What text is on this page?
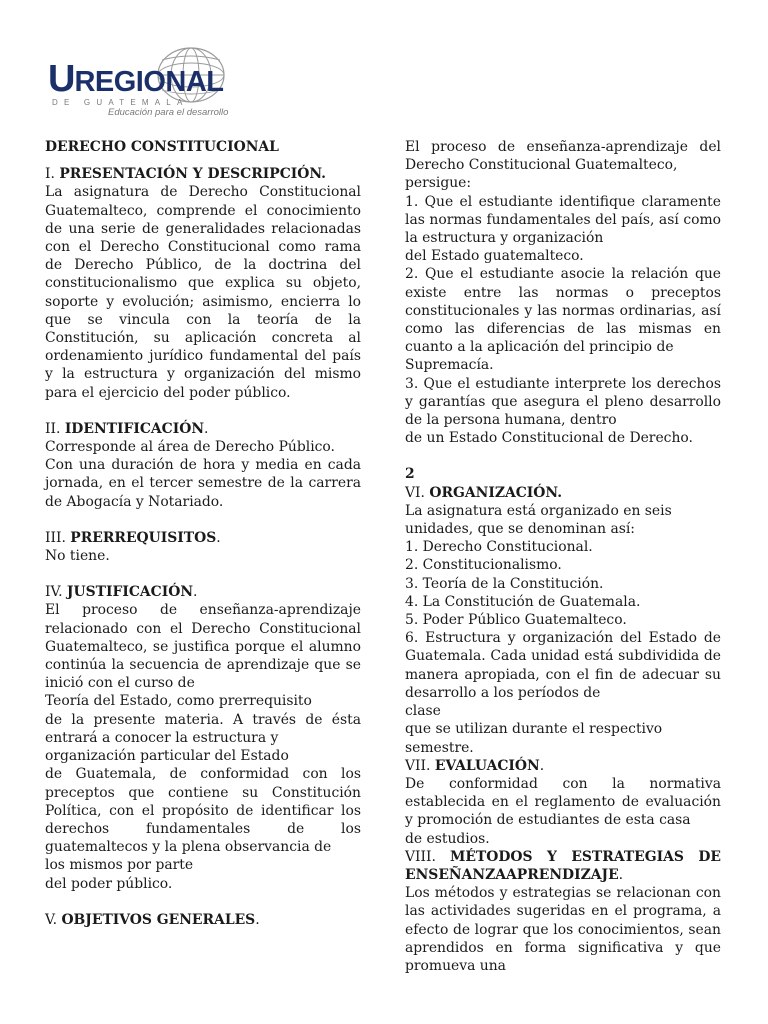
UREGIONAL
DE GUATEMALA
Educación para el desarrollo
DERECHO CONSTITUCIONAL
I. PRESENTACIÓN Y DESCRIPCIÓN.
La asignatura de Derecho Constitucional Guatemalteco, comprende el conocimiento de una serie de generalidades relacionadas con el Derecho Constitucional como rama de Derecho Público, de la doctrina del constitucionalismo que explica su objeto, soporte y evolución; asimismo, encierra lo que se vincula con la teoría de la Constitución, su aplicación concreta al ordenamiento jurídico fundamental del país y la estructura y organización del mismo para el ejercicio del poder público.
II. IDENTIFICACIÓN.
Corresponde al área de Derecho Público.
Con una duración de hora y media en cada jornada, en el tercer semestre de la carrera de Abogacía y Notariado.
III. PRERREQUISITOS.
No tiene.
IV. JUSTIFICACIÓN.
El proceso de enseñanza-aprendizaje relacionado con el Derecho Constitucional Guatemalteco, se justifica porque el alumno continúa la secuencia de aprendizaje que se inició con el curso de
Teoría del Estado, como prerrequisito
de la presente materia. A través de ésta entrará a conocer la estructura y
organización particular del Estado
de Guatemala, de conformidad con los preceptos que contiene su Constitución Política, con el propósito de identificar los derechos fundamentales de los guatemaltecos y la plena observancia de
los mismos por parte
del poder público.
V. OBJETIVOS GENERALES.
El proceso de enseñanza-aprendizaje del Derecho Constitucional Guatemalteco,
persigue:
1. Que el estudiante identifique claramente las normas fundamentales del país, así como la estructura y organización
del Estado guatemalteco.
2. Que el estudiante asocie la relación que existe entre las normas o preceptos constitucionales y las normas ordinarias, así como las diferencias de las mismas en cuanto a la aplicación del principio de
Supremacía.
3. Que el estudiante interprete los derechos y garantías que asegura el pleno desarrollo de la persona humana, dentro
de un Estado Constitucional de Derecho.
2
VI. ORGANIZACIÓN.
La asignatura está organizado en seis
unidades, que se denominan así:
1. Derecho Constitucional.
2. Constitucionalismo.
3. Teoría de la Constitución.
4. La Constitución de Guatemala.
5. Poder Público Guatemalteco.
6. Estructura y organización del Estado de Guatemala. Cada unidad está subdividida de manera apropiada, con el fin de adecuar su desarrollo a los períodos de
clase
que se utilizan durante el respectivo
semestre.
VII. EVALUACIÓN.
De conformidad con la normativa establecida en el reglamento de evaluación y promoción de estudiantes de esta casa
de estudios.
VIII. MÉTODOS Y ESTRATEGIAS DE ENSEÑANZAAPRENDIZAJE.
Los métodos y estrategias se relacionan con las actividades sugeridas en el programa, a efecto de lograr que los conocimientos, sean aprendidos en forma significativa y que promueva una
